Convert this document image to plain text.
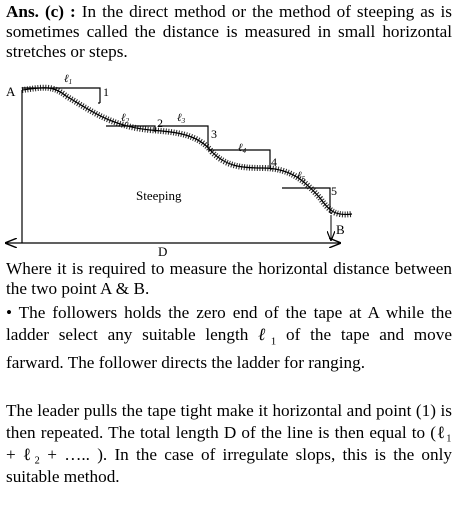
Ans. (c) : In the direct method or the method of steeping as is sometimes called the distance is measured in small horizontal stretches or steps.

A
B
D
Steeping
1
2
3
4
5
ℓ1
ℓ2	ℓ3
ℓ4
ℓ5

Where it is required to measure the horizontal distance between the two point A & B.

• The followers holds the zero end of the tape at A while the ladder select any suitable length ℓ$_1$ of the tape and move farward. The follower directs the ladder for ranging.

The leader pulls the tape tight make it horizontal and point (1) is then repeated. The total length D of the line is then equal to (ℓ₁ + ℓ₂ + ….. ). In the case of irregulate slops, this is the only suitable method.
